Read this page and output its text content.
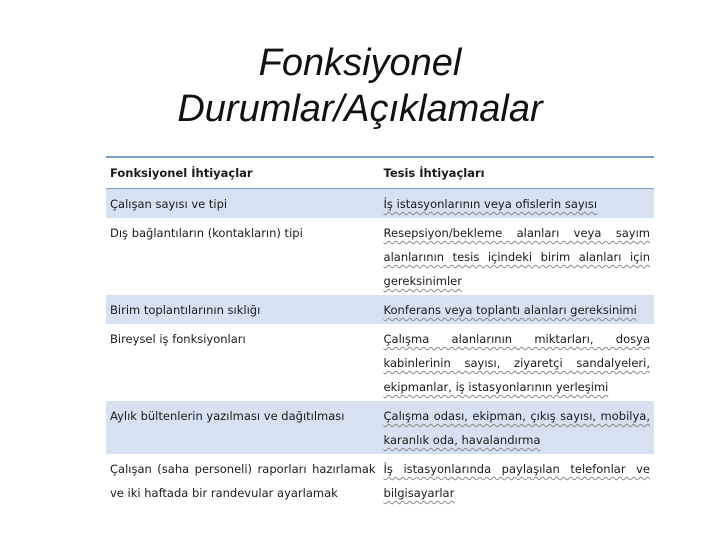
Fonksiyonel
Durumlar/Açıklamalar
Fonksiyonel İhtiyaçlar	Tesis İhtiyaçları

Çalışan sayısı ve tipi	İş istasyonlarının veya ofislerin sayısı

Dış bağlantıların (kontakların) tipi	Resepsiyon/bekleme alanları veya sayım alanlarının tesis içindeki birim alanları için gereksinimler

Birim toplantılarının sıklığı	Konferans veya toplantı alanları gereksinimi

Bireysel iş fonksiyonları	Çalışma alanlarının miktarları, dosya kabinlerinin sayısı, ziyaretçi sandalyeleri, ekipmanlar, iş istasyonlarının yerleşimi

Aylık bültenlerin yazılması ve dağıtılması	Çalışma odası, ekipman, çıkış sayısı, mobilya, karanlık oda, havalandırma

Çalışan (saha personeli) raporları hazırlamak ve iki haftada bir randevular ayarlamak	İş istasyonlarında paylaşılan telefonlar ve bilgisayarlar
